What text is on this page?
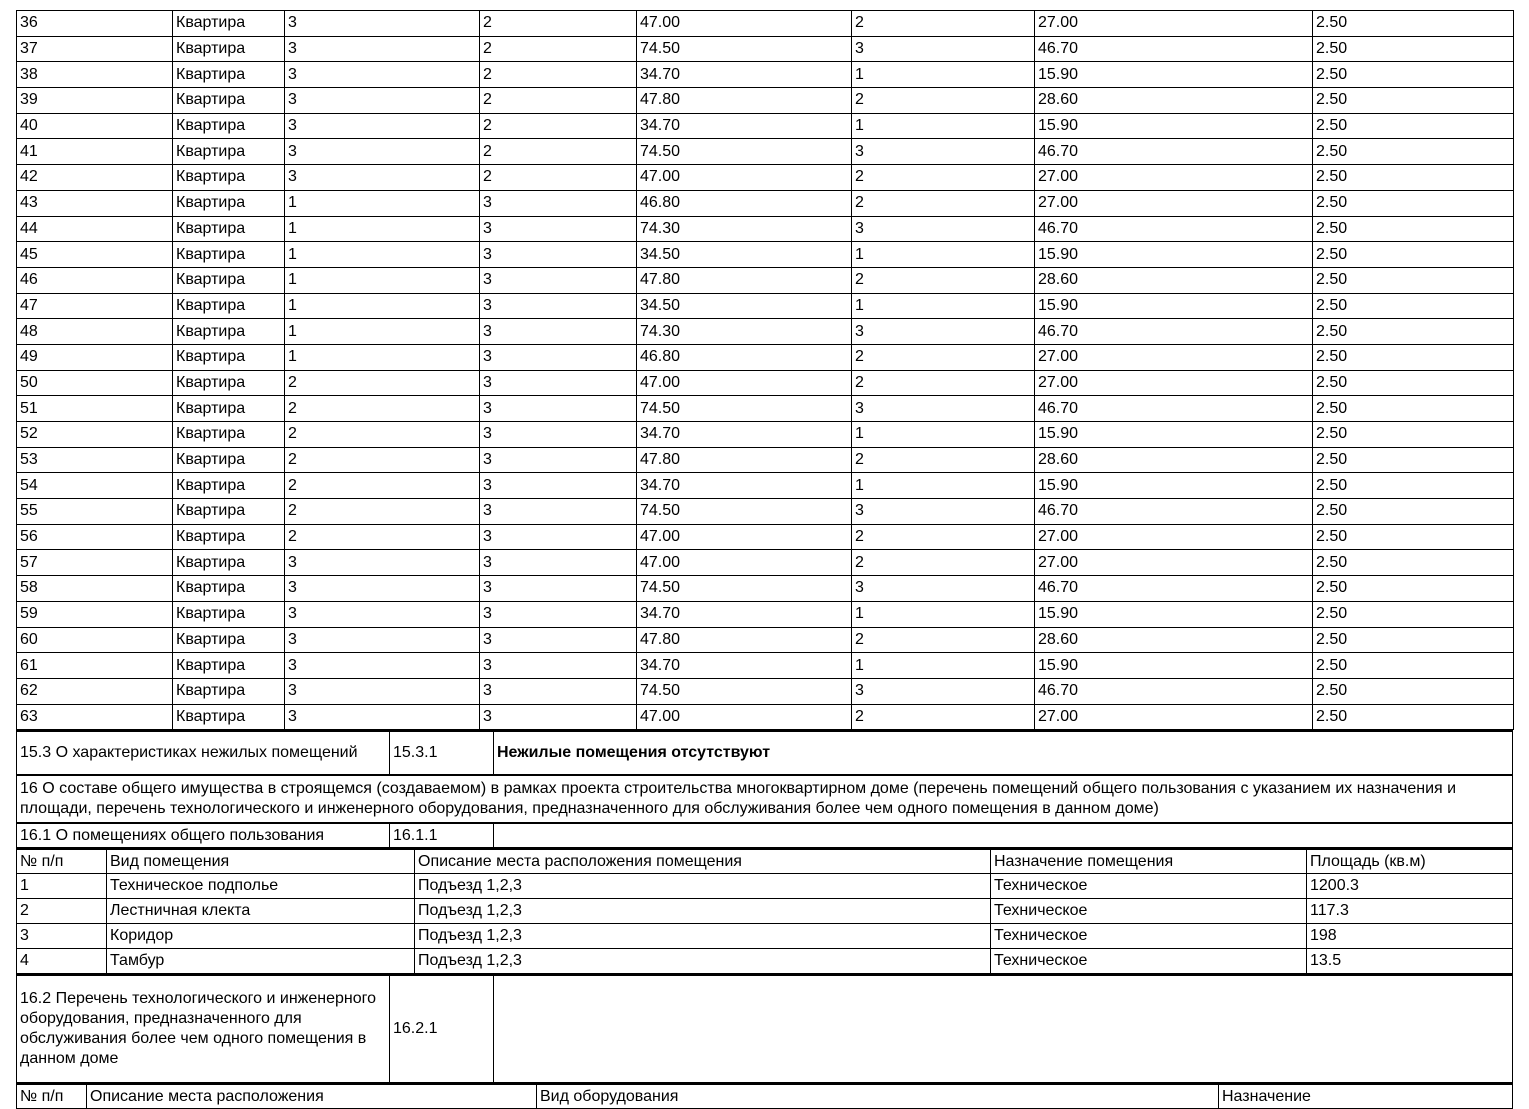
36	Квартира	3	2	47.00	2	27.00	2.50
37	Квартира	3	2	74.50	3	46.70	2.50
38	Квартира	3	2	34.70	1	15.90	2.50
39	Квартира	3	2	47.80	2	28.60	2.50
40	Квартира	3	2	34.70	1	15.90	2.50
41	Квартира	3	2	74.50	3	46.70	2.50
42	Квартира	3	2	47.00	2	27.00	2.50
43	Квартира	1	3	46.80	2	27.00	2.50
44	Квартира	1	3	74.30	3	46.70	2.50
45	Квартира	1	3	34.50	1	15.90	2.50
46	Квартира	1	3	47.80	2	28.60	2.50
47	Квартира	1	3	34.50	1	15.90	2.50
48	Квартира	1	3	74.30	3	46.70	2.50
49	Квартира	1	3	46.80	2	27.00	2.50
50	Квартира	2	3	47.00	2	27.00	2.50
51	Квартира	2	3	74.50	3	46.70	2.50
52	Квартира	2	3	34.70	1	15.90	2.50
53	Квартира	2	3	47.80	2	28.60	2.50
54	Квартира	2	3	34.70	1	15.90	2.50
55	Квартира	2	3	74.50	3	46.70	2.50
56	Квартира	2	3	47.00	2	27.00	2.50
57	Квартира	3	3	47.00	2	27.00	2.50
58	Квартира	3	3	74.50	3	46.70	2.50
59	Квартира	3	3	34.70	1	15.90	2.50
60	Квартира	3	3	47.80	2	28.60	2.50
61	Квартира	3	3	34.70	1	15.90	2.50
62	Квартира	3	3	74.50	3	46.70	2.50
63	Квартира	3	3	47.00	2	27.00	2.50
15.3 О характеристиках нежилых помещений	15.3.1	Нежилые помещения отсутствуют
16 О составе общего имущества в строящемся (создаваемом) в рамках проекта строительства многоквартирном доме (перечень помещений общего пользования с указанием их назначения и площади, перечень технологического и инженерного оборудования, предназначенного для обслуживания более чем одного помещения в данном доме)		
16.1 О помещениях общего пользования	16.1.1	
№ п/п	Вид помещения	Описание места расположения помещения	Назначение помещения	Площадь (кв.м)
1	Техническое подполье	Подъезд 1,2,3	Техническое	1200.3
2	Лестничная клекта	Подъезд 1,2,3	Техническое	117.3
3	Коридор	Подъезд 1,2,3	Техническое	198
4	Тамбур	Подъезд 1,2,3	Техническое	13.5
16.2 Перечень технологического и инженерного оборудования, предназначенного для обслуживания более чем одного помещения в данном доме	16.2.1	
№ п/п	Описание места расположения	Вид оборудования	Назначение
